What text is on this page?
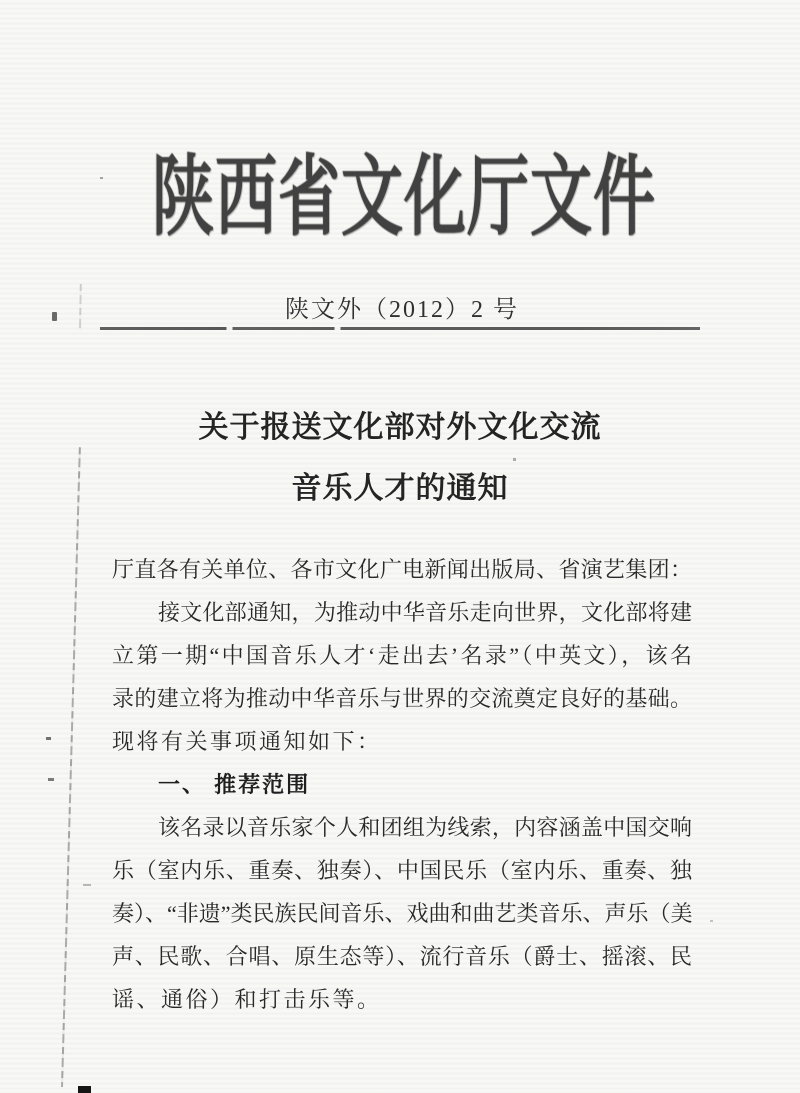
陕西省文化厅文件
陕文外（2012）2 号
关于报送文化部对外文化交流
音乐人才的通知
厅直各有关单位、各市文化广电新闻出版局、省演艺集团：
接文化部通知，为推动中华音乐走向世界，文化部将建
立第一期“中国音乐人才‘走出去’名录”（中英文），该名
录的建立将为推动中华音乐与世界的交流奠定良好的基础。
现将有关事项通知如下：
一、 推荐范围
该名录以音乐家个人和团组为线索，内容涵盖中国交响
乐（室内乐、重奏、独奏）、中国民乐（室内乐、重奏、独
奏）、“非遗”类民族民间音乐、戏曲和曲艺类音乐、声乐（美
声、民歌、合唱、原生态等）、流行音乐（爵士、摇滚、民
谣、通俗）和打击乐等。
